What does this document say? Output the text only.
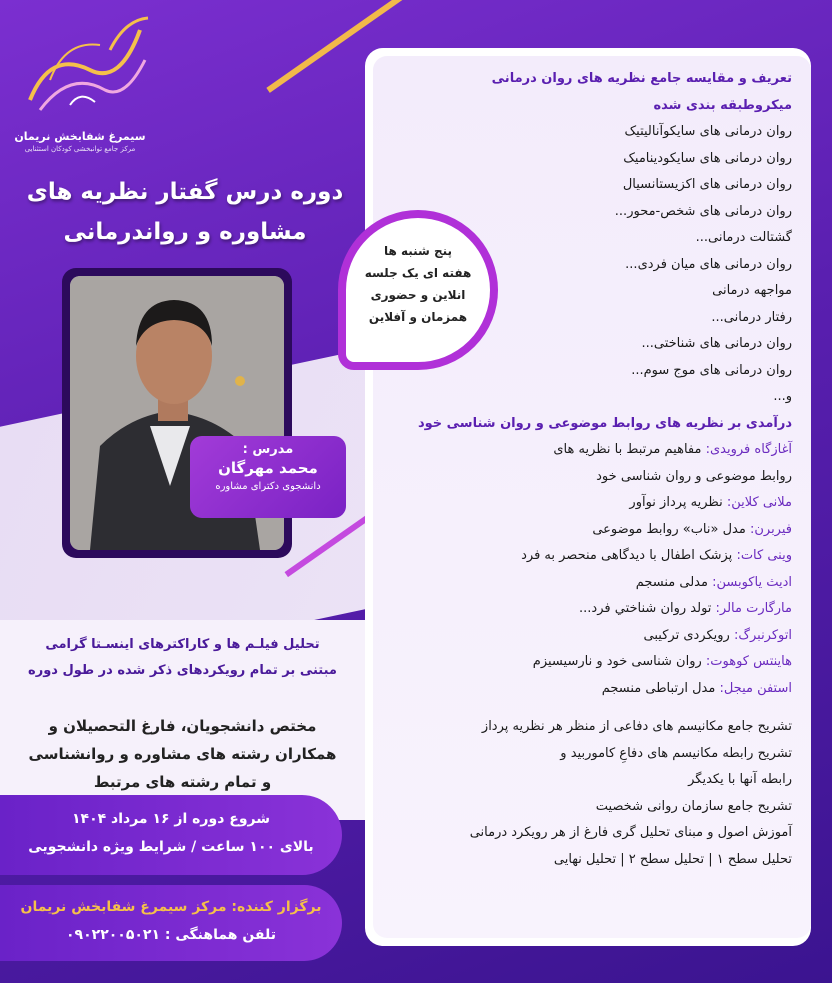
سیمرغ شفابخش نریمان
مرکز جامع توانبخشی کودکان استثنایی
دوره درس گفتار نظریه های
مشاوره و رواندرمانی
مدرس :
محمد مهرگان
دانشجوی دکترای مشاوره
تعریف و مقایسه جامع نظریه های روان درمانی
میکروطبقه بندی شده
روان درمانی های سایکوآنالیتیک
روان درمانی های سایکودینامیک
روان درمانی های اکزیستانسیال
روان درمانی های شخص-محور...
گشتالت درمانی...
روان درمانی های میان فردی...
مواجهه درمانی
رفتار درمانی...
روان درمانی های شناختی...
روان درمانی های موج سوم...
و...
درآمدی بر نظریه های روابط موضوعی و روان شناسی خود
آغازگاه فرویدی: مفاهیم مرتبط با نظریه های
روابط موضوعی و روان شناسی خود
ملانی کلاین: نظریه پرداز نوآور
فیربرن: مدل «ناب» روابط موضوعی
وینی کات: پزشک اطفال با دیدگاهی منحصر به فرد
ادیث یاکوبسن: مدلی منسجم
مارگارت مالر: تولد روان شناختي فرد...
اتوکرنبرگ: رویکردی ترکیبی
هاینتس کوهوت: روان شناسی خود و نارسیسیزم
استفن میجل: مدل ارتباطی منسجم
تشریح جامع مکانیسم های دفاعی از منظر هر نظریه پرداز
تشریح رابطه مکانیسم های دفاعِ کاموربید و
رابطه آنها با یکدیگر
تشریح جامع سازمان روانی شخصیت
آموزش اصول و مبنای تحلیل گری فارغ از هر رویکرد درمانی
تحلیل سطح ۱ | تحلیل سطح ۲ | تحلیل نهایی
پنج شنبه ها
هفته ای یک جلسه
انلاین و حضوری
همزمان و آفلاین
تحلیل فیلـم ها و کاراکترهای اینسـتا گرامی
مبتنی بر تمام رویکردهای ذکر شده در طول دوره
مختص دانشجویان، فارغ التحصیلان و
همکاران رشته های مشاوره و روانشناسی
و تمام رشته های مرتبط
شروع دوره از ۱۶ مرداد ۱۴۰۴
بالای ۱۰۰ ساعت / شرایط ویژه دانشجویی
برگزار کننده: مرکز سیمرغ شفابخش نریمان
تلفن هماهنگی : ۰۹۰۲۲۰۰۵۰۲۱
